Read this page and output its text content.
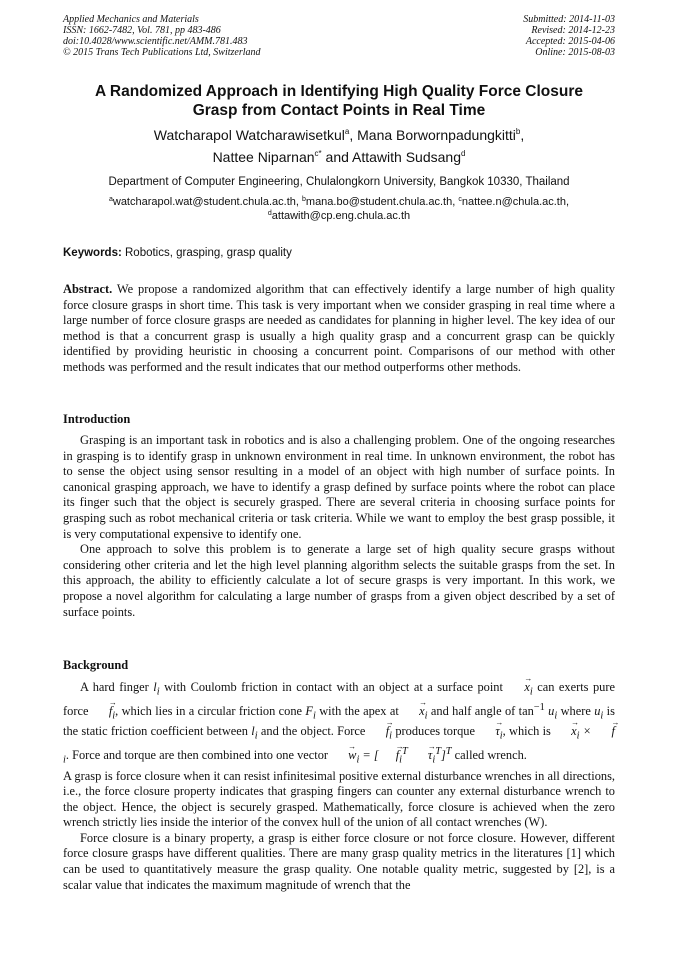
Applied Mechanics and Materials
ISSN: 1662-7482, Vol. 781, pp 483-486
doi:10.4028/www.scientific.net/AMM.781.483
© 2015 Trans Tech Publications Ltd, Switzerland
Submitted: 2014-11-03
Revised: 2014-12-23
Accepted: 2015-04-06
Online: 2015-08-03
A Randomized Approach in Identifying High Quality Force Closure
Grasp from Contact Points in Real Time
Watcharapol Watcharawisetkul$^a$, Mana Borwornpadungkitti$^b$,
Nattee Niparnan$^{c*}$ and Attawith Sudsang$^d$
Department of Computer Engineering, Chulalongkorn University, Bangkok 10330, Thailand
$^a$watcharapol.wat@student.chula.ac.th, $^b$mana.bo@student.chula.ac.th, $^c$nattee.n@chula.ac.th,
$^d$attawith@cp.eng.chula.ac.th
Keywords: Robotics, grasping, grasp quality

Abstract. We propose a randomized algorithm that can effectively identify a large number of high quality force closure grasps in short time. This task is very important when we consider grasping in real time where a large number of force closure grasps are needed as candidates for planning in higher level. The key idea of our method is that a concurrent grasp is usually a high quality grasp and a concurrent grasp can be quickly identified by providing heuristic in choosing a concurrent point. Comparisons of our method with other methods was performed and the result indicates that our method outperforms other methods.

Introduction

Grasping is an important task in robotics and is also a challenging problem. One of the ongoing researches in grasping is to identify grasp in unknown environment in real time. In unknown environment, the robot has to sense the object using sensor resulting in a model of an object with high number of surface points. In canonical grasping approach, we have to identify a grasp defined by surface points where the robot can place its finger such that the object is securely grasped. There are several criteria in choosing surface points for grasping such as robot mechanical criteria or task criteria. While we want to employ the best grasp possible, it is very computational expensive to identify one.

One approach to solve this problem is to generate a large set of high quality secure grasps without considering other criteria and let the high level planning algorithm selects the suitable grasps from the set. In this approach, the ability to efficiently calculate a lot of secure grasps is very important. In this work, we propose a novel algorithm for calculating a large number of grasps from a given object described by a set of surface points.

Background

A hard finger $l_i$ with Coulomb friction in contact with an object at a surface point → $x_i$ can exerts pure force → $f_i$, which lies in a circular friction cone $F_i$ with the apex at → $x_i$ and half angle of $\tan^{-1} u_i$ where $u_i$ is the static friction coefficient between $l_i$ and the object. Force → $f_i$ produces torque → $\tau_i$, which is → $x_i$ × → $f_i$. Force and torque are then combined into one vector → $w_i$ = [ → $f_i^T \to \tau_i^T]^T$ called wrench.

A grasp is force closure when it can resist infinitesimal positive external disturbance wrenches in all directions, i.e., the force closure property indicates that grasping fingers can counter any external disturbance wrench to the object. Hence, the object is securely grasped. Mathematically, force closure is achieved when the zero wrench strictly lies inside the interior of the convex hull of the union of all contact wrenches (W).

Force closure is a binary property, a grasp is either force closure or not force closure. However, different force closure grasps have different qualities. There are many grasp quality metrics in the literatures [1] which can be used to quantitatively measure the grasp quality. One notable quality metric, suggested by [2], is a scalar value that indicates the maximum magnitude of wrench that the
